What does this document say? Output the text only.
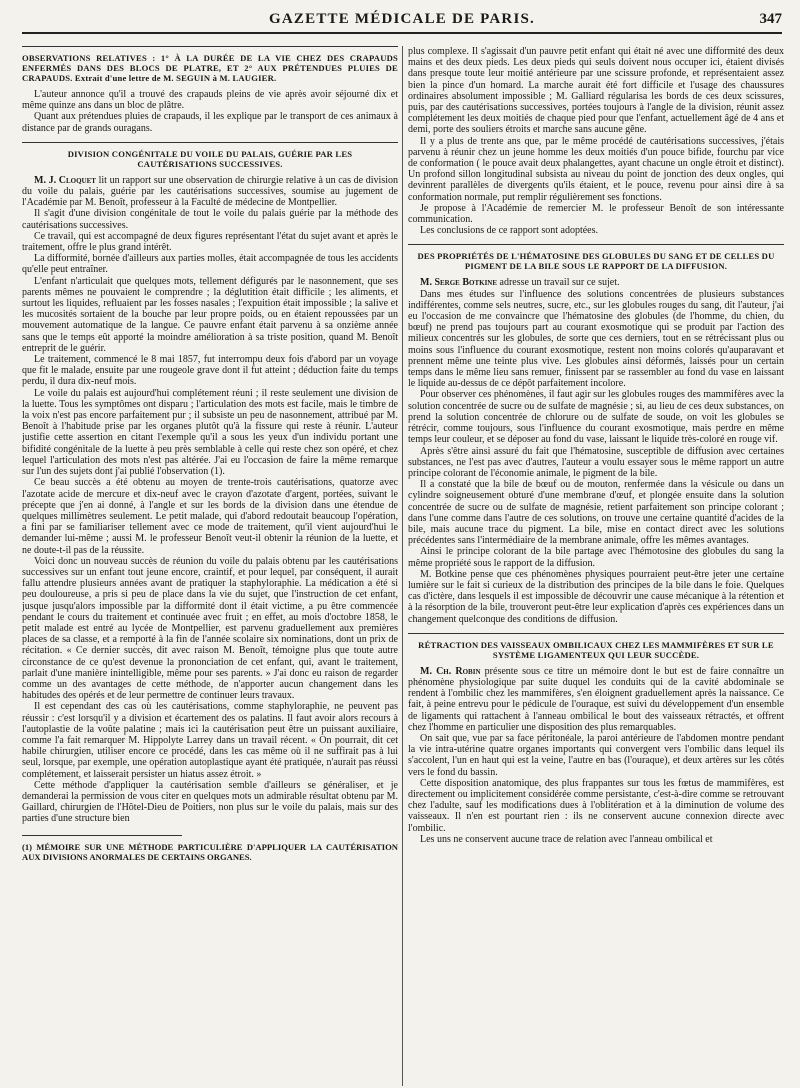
GAZETTE MÉDICALE DE PARIS.	347

OBSERVATIONS RELATIVES : 1° À LA DURÉE DE LA VIE CHEZ DES CRAPAUDS ENFERMÉS DANS DES BLOCS DE PLATRE, ET 2° AUX PRÉTENDUES PLUIES DE CRAPAUDS. Extrait d'une lettre de M. SEGUIN à M. LAUGIER.

L'auteur annonce qu'il a trouvé des crapauds pleins de vie après avoir séjourné dix et même quinze ans dans un bloc de plâtre.

Quant aux prétendues pluies de crapauds, il les explique par le transport de ces animaux à distance par de grands ouragans.

DIVISION CONGÉNITALE DU VOILE DU PALAIS, GUÉRIE PAR LES CAUTÉRISATIONS SUCCESSIVES.

M. J. Cloquet lit un rapport sur une observation de chirurgie relative à un cas de division du voile du palais, guérie par les cautérisations successives, soumise au jugement de l'Académie par M. Benoît, professeur à la Faculté de médecine de Montpellier.

Il s'agit d'une division congénitale de tout le voile du palais guérie par la méthode des cautérisations successives.

Ce travail, qui est accompagné de deux figures représentant l'état du sujet avant et après le traitement, offre le plus grand intérêt.

La difformité, bornée d'ailleurs aux parties molles, était accompagnée de tous les accidents qu'elle peut entraîner.

L'enfant n'articulait que quelques mots, tellement défigurés par le nasonnement, que ses parents mêmes ne pouvaient le comprendre ; la déglutition était difficile ; les aliments, et surtout les liquides, refluaient par les fosses nasales ; l'expuition était impossible ; la salive et les mucosités sortaient de la bouche par leur propre poids, ou en étaient repoussées par un mouvement automatique de la langue. Ce pauvre enfant était parvenu à sa onzième année sans que le temps eût apporté la moindre amélioration à sa triste position, quand M. Benoît entreprit de le guérir.

Le traitement, commencé le 8 mai 1857, fut interrompu deux fois d'abord par un voyage que fit le malade, ensuite par une rougeole grave dont il fut atteint ; déduction faite du temps perdu, il dura dix-neuf mois.

Le voile du palais est aujourd'hui complétement réuni ; il reste seulement une division de la luette. Tous les symptômes ont disparu ; l'articulation des mots est facile, mais le timbre de la voix n'est pas encore parfaitement pur ; il subsiste un peu de nasonnement, attribué par M. Benoît à l'habitude prise par les organes plutôt qu'à la fissure qui reste à réunir. L'auteur justifie cette assertion en citant l'exemple qu'il a sous les yeux d'un individu portant une bifidité congénitale de la luette à peu près semblable à celle qui reste chez son opéré, et chez lequel l'articulation des mots n'est pas altérée. J'ai eu l'occasion de faire la même remarque sur l'un des sujets dont j'ai publié l'observation (1).

Ce beau succès a été obtenu au moyen de trente-trois cautérisations, quatorze avec l'azotate acide de mercure et dix-neuf avec le crayon d'azotate d'argent, portées, suivant le précepte que j'en ai donné, à l'angle et sur les bords de la division dans une étendue de quelques millimètres seulement. Le petit malade, qui d'abord redoutait beaucoup l'opération, a fini par se familiariser tellement avec ce mode de traitement, qu'il vient aujourd'hui le demander lui-même ; aussi M. le professeur Benoît veut-il obtenir la réunion de la luette, et ne doute-t-il pas de la réussite.

Voici donc un nouveau succès de réunion du voile du palais obtenu par les cautérisations successives sur un enfant tout jeune encore, craintif, et pour lequel, par conséquent, il aurait fallu attendre plusieurs années avant de pratiquer la staphyloraphie. La médication a été si peu douloureuse, a pris si peu de place dans la vie du sujet, que l'instruction de cet enfant, jusque jusqu'alors impossible par la difformité dont il était victime, a pu être commencée pendant le cours du traitement et continuée avec fruit ; en effet, au mois d'octobre 1858, le petit malade est entré au lycée de Montpellier, est parvenu graduellement aux premières places de sa classe, et a remporté à la fin de l'année scolaire six nominations, dont un prix de récitation. « Ce dernier succès, dit avec raison M. Benoît, témoigne plus que toute autre circonstance de ce qu'est devenue la prononciation de cet enfant, qui, avant le traitement, parlait d'une manière inintelligible, même pour ses parents. » J'ai donc eu raison de regarder comme un des avantages de cette méthode, de n'apporter aucun changement dans les habitudes des opérés et de leur permettre de continuer leurs travaux.

Il est cependant des cas où les cautérisations, comme staphyloraphie, ne peuvent pas réussir : c'est lorsqu'il y a division et écartement des os palatins. Il faut avoir alors recours à l'autoplastie de la voûte palatine ; mais ici la cautérisation peut être un puissant auxiliaire, comme l'a fait remarquer M. Hippolyte Larrey dans un travail récent. « On pourrait, dit cet habile chirurgien, utiliser encore ce procédé, dans les cas même où il ne suffirait pas à lui seul, lorsque, par exemple, une opération autoplastique ayant été pratiquée, n'aurait pas réussi complétement, et laisserait persister un hiatus assez étroit. »

Cette méthode d'appliquer la cautérisation semble d'ailleurs se généraliser, et je demanderai la permission de vous citer en quelques mots un admirable résultat obtenu par M. Gaillard, chirurgien de l'Hôtel-Dieu de Poitiers, non plus sur le voile du palais, mais sur des parties d'une structure bien

(1) MÉMOIRE SUR UNE MÉTHODE PARTICULIÈRE D'APPLIQUER LA CAUTÉRISATION AUX DIVISIONS ANORMALES DE CERTAINS ORGANES.

plus complexe. Il s'agissait d'un pauvre petit enfant qui était né avec une difformité des deux mains et des deux pieds. Les deux pieds qui seuls doivent nous occuper ici, étaient divisés dans presque toute leur moitié antérieure par une scissure profonde, et représentaient assez bien la pince d'un homard. La marche aurait été fort difficile et l'usage des chaussures ordinaires absolument impossible ; M. Galliard régularisa les bords de ces deux scissures, puis, par des cautérisations successives, portées toujours à l'angle de la division, réunit assez complétement les deux moitiés de chaque pied pour que l'enfant, actuellement âgé de 4 ans et demi, porte des souliers étroits et marche sans aucune gêne.

Il y a plus de trente ans que, par le même procédé de cautérisations successives, j'étais parvenu à réunir chez un jeune homme les deux moitiés d'un pouce bifide, fourchu par vice de conformation ( le pouce avait deux phalangettes, ayant chacune un ongle étroit et distinct). Un profond sillon longitudinal subsista au niveau du point de jonction des deux ongles, qui devinrent parallèles de divergents qu'ils étaient, et le pouce, revenu pour ainsi dire à sa conformation normale, put remplir régulièrement ses fonctions.

Je propose à l'Académie de remercier M. le professeur Benoît de son intéressante communication.

Les conclusions de ce rapport sont adoptées.

DES PROPRIÉTÉS DE L'HÉMATOSINE DES GLOBULES DU SANG ET DE CELLES DU PIGMENT DE LA BILE SOUS LE RAPPORT DE LA DIFFUSION.

M. Serge Botkine adresse un travail sur ce sujet.

Dans mes études sur l'influence des solutions concentrées de plusieurs substances indifférentes, comme sels neutres, sucre, etc., sur les globules rouges du sang, dit l'auteur, j'ai eu l'occasion de me convaincre que l'hématosine des globules (de l'homme, du chien, du bœuf) ne prend pas toujours part au courant exosmotique qui se produit par l'action des milieux concentrés sur les globules, de sorte que ces derniers, tout en se rétrécissant plus ou moins sous l'influence du courant exosmotique, restent non moins colorés qu'auparavant et prennent même une teinte plus vive. Les globules ainsi déformés, laissés pour un certain temps dans le même lieu sans remuer, finissent par se rassembler au fond du vase en laissant le liquide au-dessus de ce dépôt parfaitement incolore.

Pour observer ces phénomènes, il faut agir sur les globules rouges des mammifères avec la solution concentrée de sucre ou de sulfate de magnésie ; si, au lieu de ces deux substances, on prend la solution concentrée de chlorure ou de sulfate de soude, on voit les globules se rétrécir, comme toujours, sous l'influence du courant exosmotique, mais perdre en même temps leur couleur, et se déposer au fond du vase, laissant le liquide très-coloré en rouge vif.

Après s'être ainsi assuré du fait que l'hématosine, susceptible de diffusion avec certaines substances, ne l'est pas avec d'autres, l'auteur a voulu essayer sous le même rapport un autre principe colorant de l'économie animale, le pigment de la bile.

Il a constaté que la bile de bœuf ou de mouton, renfermée dans la vésicule ou dans un cylindre soigneusement obturé d'une membrane d'œuf, et plongée ensuite dans la solution concentrée de sucre ou de sulfate de magnésie, retient parfaitement son principe colorant ; dans l'une comme dans l'autre de ces solutions, on trouve une certaine quantité d'acides de la bile, mais aucune trace du pigment. La bile, mise en contact direct avec les solutions précédentes sans l'intermédiaire de la membrane animale, offre les mêmes avantages.

Ainsi le principe colorant de la bile partage avec l'hémotosine des globules du sang la même propriété sous le rapport de la diffusion.

M. Botkine pense que ces phénomènes physiques pourraient peut-être jeter une certaine lumière sur le fait si curieux de la distribution des principes de la bile dans le foie. Quelques cas d'ictère, dans lesquels il est impossible de découvrir une cause mécanique à la rétention et à la résorption de la bile, trouveront peut-être leur explication d'après ces expériences dans un changement quelconque des conditions de diffusion.

RÉTRACTION DES VAISSEAUX OMBILICAUX CHEZ LES MAMMIFÈRES ET SUR LE SYSTÈME LIGAMENTEUX QUI LEUR SUCCÈDE.

M. Ch. Robin présente sous ce titre un mémoire dont le but est de faire connaître un phénomène physiologique par suite duquel les conduits qui de la cavité abdominale se rendent à l'ombilic chez les mammifères, s'en éloignent graduellement après la naissance. Ce fait, à peine entrevu pour le pédicule de l'ouraque, est suivi du développement d'un ensemble de ligaments qui rattachent à l'anneau ombilical le bout des vaisseaux rétractés, et offrent chez l'homme en particulier une disposition des plus remarquables.

On sait que, vue par sa face péritonéale, la paroi antérieure de l'abdomen montre pendant la vie intra-utérine quatre organes importants qui convergent vers l'ombilic dans lequel ils s'accolent, l'un en haut qui est la veine, l'autre en bas (l'ouraque), et deux artères sur les côtés vers le fond du bassin.

Cette disposition anatomique, des plus frappantes sur tous les fœtus de mammifères, est directement ou implicitement considérée comme persistante, c'est-à-dire comme se retrouvant chez l'adulte, sauf les modifications dues à l'oblitération et à la diminution de volume des vaisseaux. Il n'en est pourtant rien : ils ne conservent aucune connexion directe avec l'ombilic.

Les uns ne conservent aucune trace de relation avec l'anneau ombilical et
